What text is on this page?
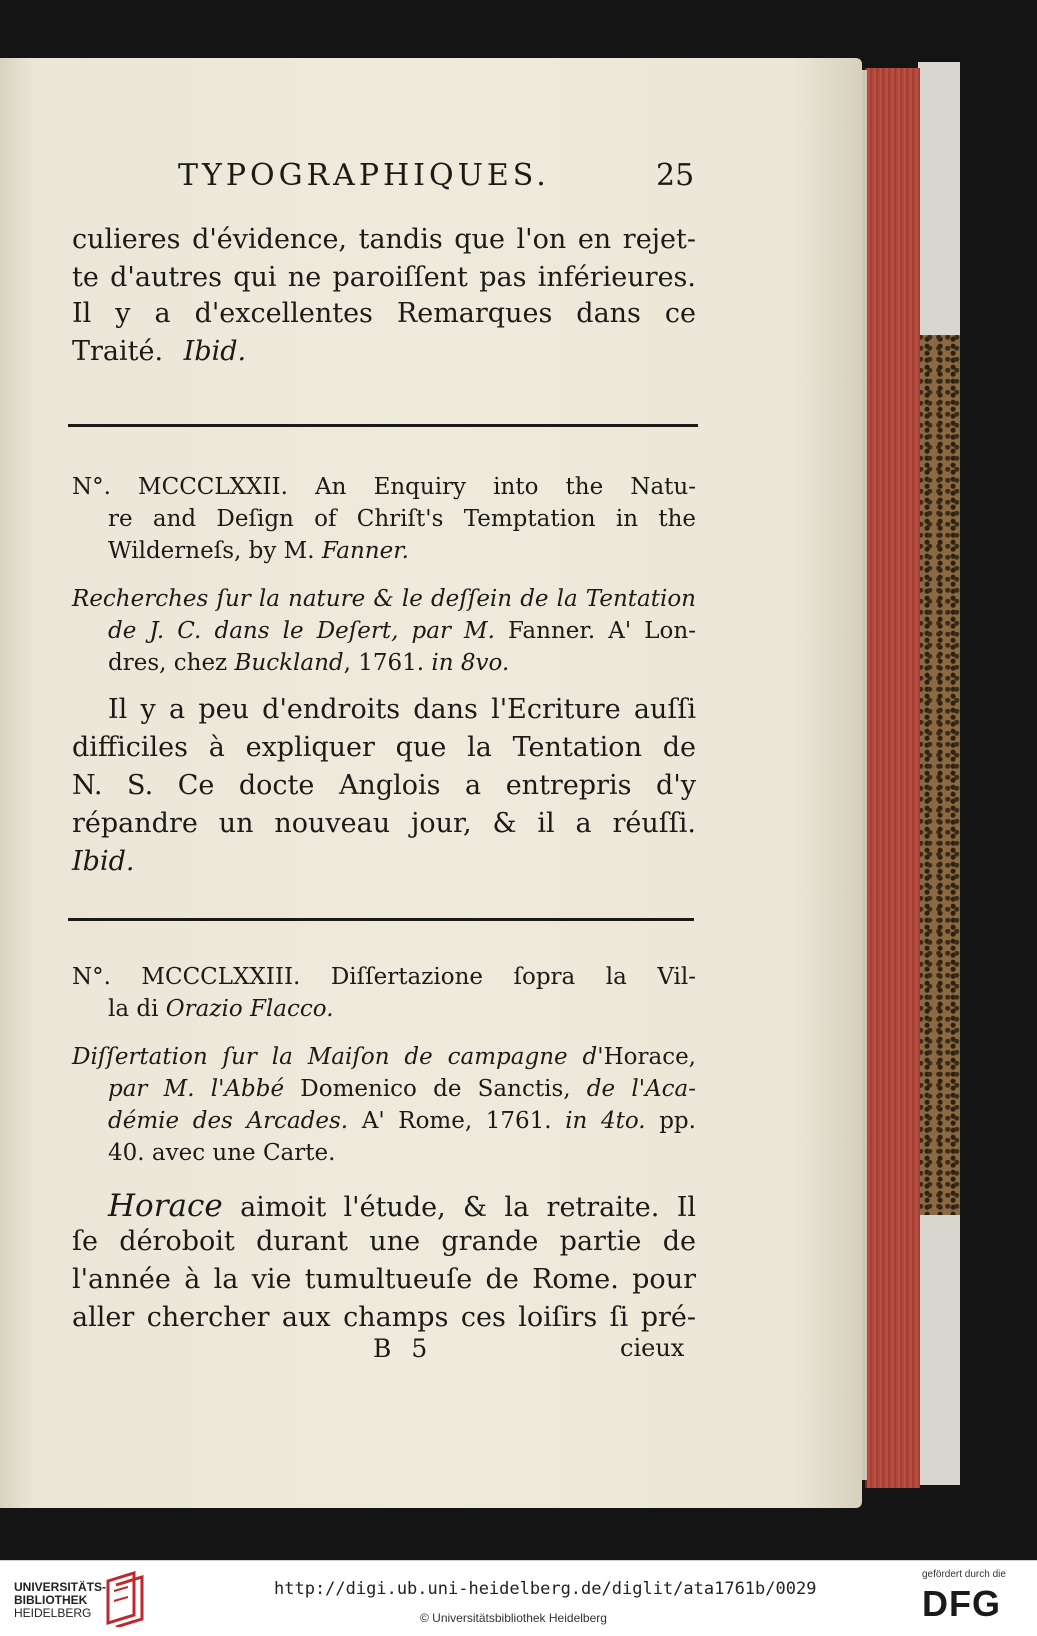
TYPOGRAPHIQUES.	25
culieres d'évidence, tandis que l'on en rejet-
te d'autres qui ne paroiſſent pas inférieures.
Il y a d'excellentes Remarques dans ce
Traité. Ibid.
N°. MCCCLXXII. An Enquiry into the Natu-
re and Deſign of Chriſt's Temptation in the
Wilderneſs, by M. Fanner.
Recherches ſur la nature & le deſſein de la Tentation
de J. C. dans le Deſert, par M. Fanner. A' Lon-
dres, chez Buckland, 1761. in 8vo.
Il y a peu d'endroits dans l'Ecriture auſſi
difficiles à expliquer que la Tentation de
N. S. Ce docte Anglois a entrepris d'y
répandre un nouveau jour, & il a réuſſi.
Ibid.
N°. MCCCLXXIII. Diſſertazione ſopra la Vil-
la di Orazio Flacco.
Diſſertation ſur la Maiſon de campagne d'Horace,
par M. l'Abbé Domenico de Sanctis, de l'Aca-
démie des Arcades. A' Rome, 1761. in 4to. pp.
40. avec une Carte.
Horace aimoit l'étude, & la retraite. Il
ſe déroboit durant une grande partie de
l'année à la vie tumultueuſe de Rome. pour
aller chercher aux champs ces loiſirs ſi pré-
B 5	cieux
UNIVERSITÄTS-
BIBLIOTHEK
HEIDELBERG
http://digi.ub.uni-heidelberg.de/diglit/ata1761b/0029
© Universitätsbibliothek Heidelberg
gefördert durch die
DFG
